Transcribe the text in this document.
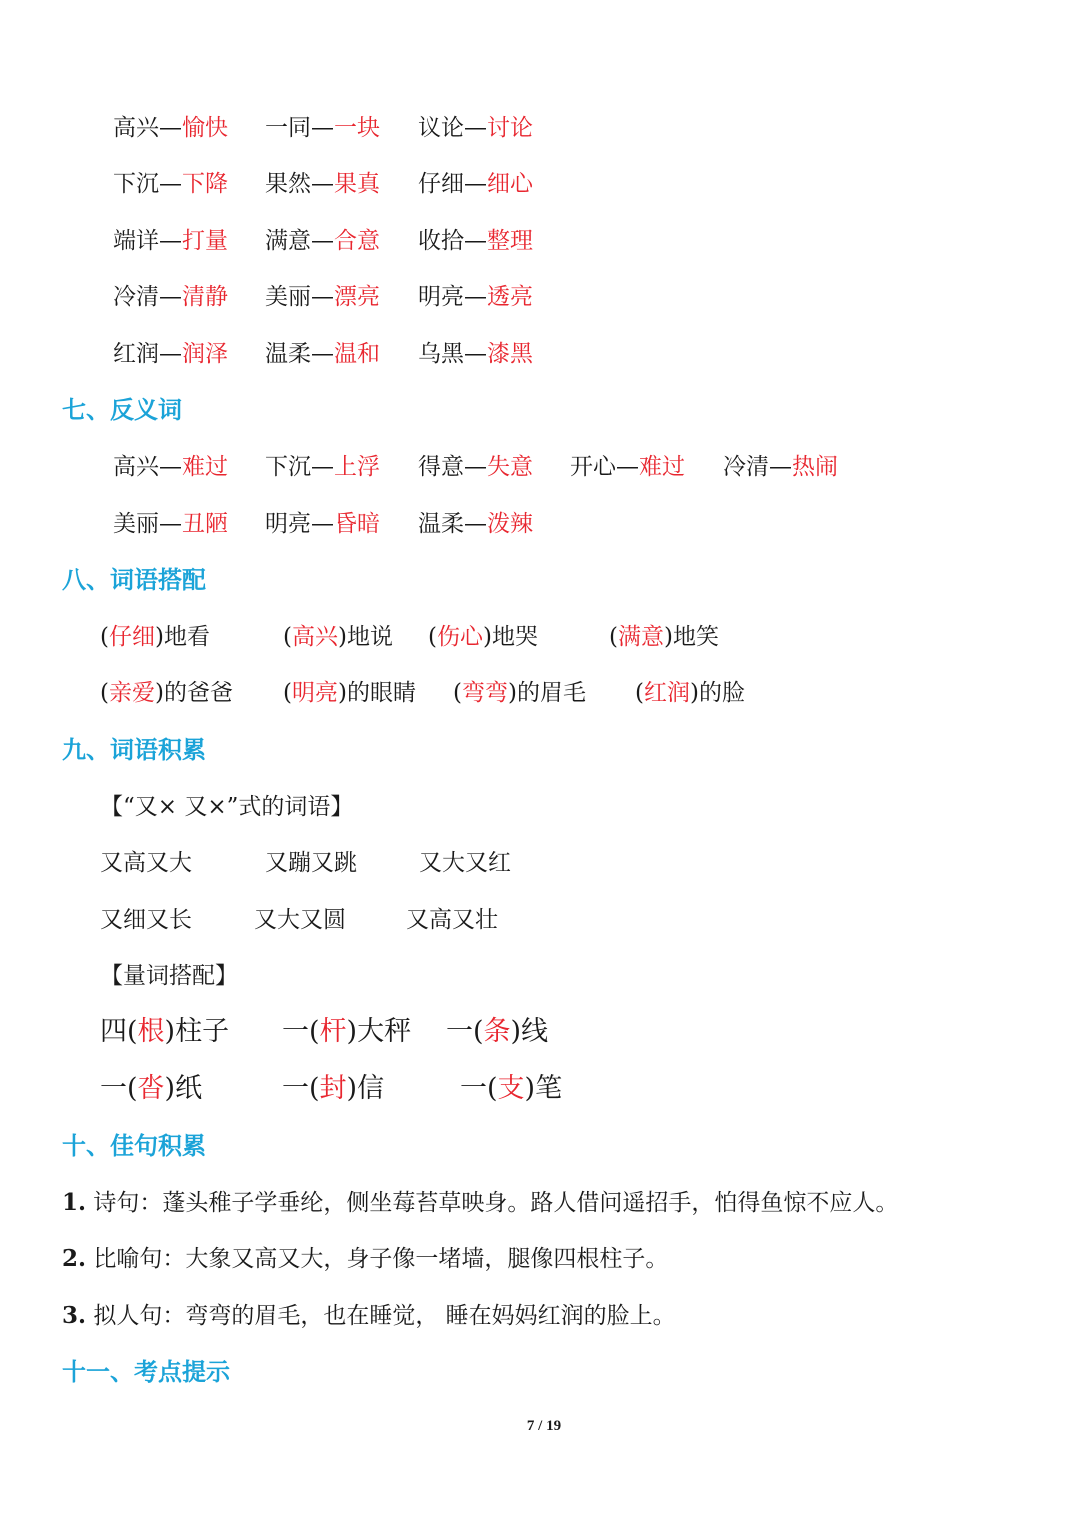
高兴—愉快 一同—一块 议论—讨论
下沉—下降 果然—果真 仔细—细心
端详—打量 满意—合意 收拾—整理
冷清—清静 美丽—漂亮 明亮—透亮
红润—润泽 温柔—温和 乌黑—漆黑
七、反义词
高兴—难过 下沉—上浮 得意—失意 开心—难过 冷清—热闹
美丽—丑陋 明亮—昏暗 温柔—泼辣
八、词语搭配
(仔细)地看	(高兴)地说 (伤心)地哭	(满意)地笑
(亲爱)的爸爸 (明亮)的眼睛 (弯弯)的眉毛 (红润)的脸
九、词语积累
【“又× 又×”式的词语】
又高又大	又蹦又跳	又大又红
又细又长	又大又圆	又高又壮
【量词搭配】
四(根)柱子 一(杆)大秤 一(条)线
一(沓)纸	一(封)信	一(支)笔
十、佳句积累
1. 诗句：蓬头稚子学垂纶，侧坐莓苔草映身。路人借问遥招手，怕得鱼惊不应人。
2. 比喻句：大象又高又大，身子像一堵墙，腿像四根柱子。
3. 拟人句：弯弯的眉毛，也在睡觉， 睡在妈妈红润的脸上。
十一、考点提示
7 / 19
